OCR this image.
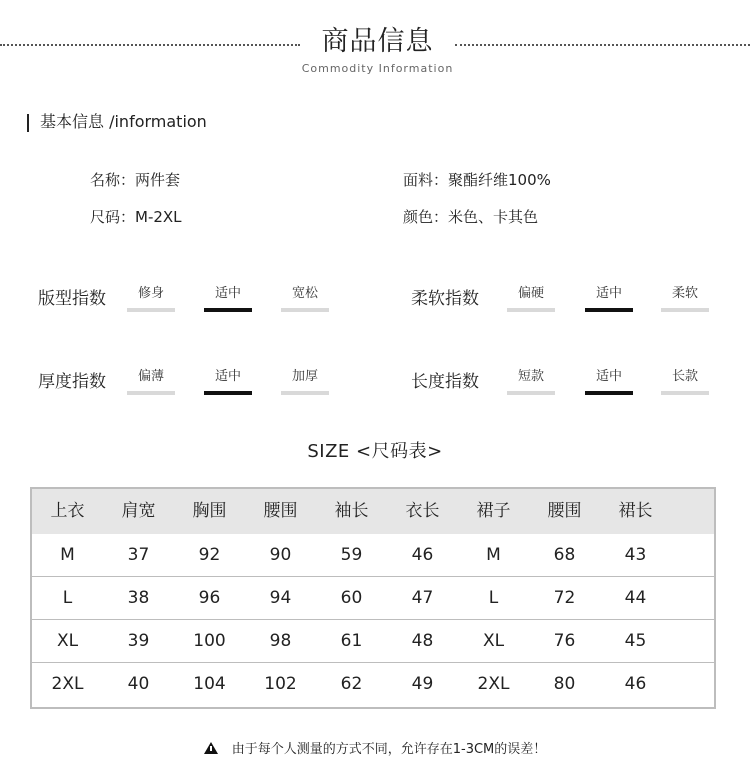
商品信息
Commodity Information
基本信息 /information
名称：两件套
尺码：M-2XL
面料：聚酯纤维100%
颜色：米色、卡其色
版型指数	修身	适中	宽松	柔软指数	偏硬	适中	柔软
厚度指数	偏薄	适中	加厚	长度指数	短款	适中	长款
SIZE <尺码表>
上衣	肩宽	胸围	腰围	袖长	衣长	裙子	腰围	裙长
M	37	92	90	59	46	M	68	43
L	38	96	94	60	47	L	72	44
XL	39	100	98	61	48	XL	76	45
2XL	40	104	102	62	49	2XL	80	46
由于每个人测量的方式不同，允许存在1-3CM的误差！
